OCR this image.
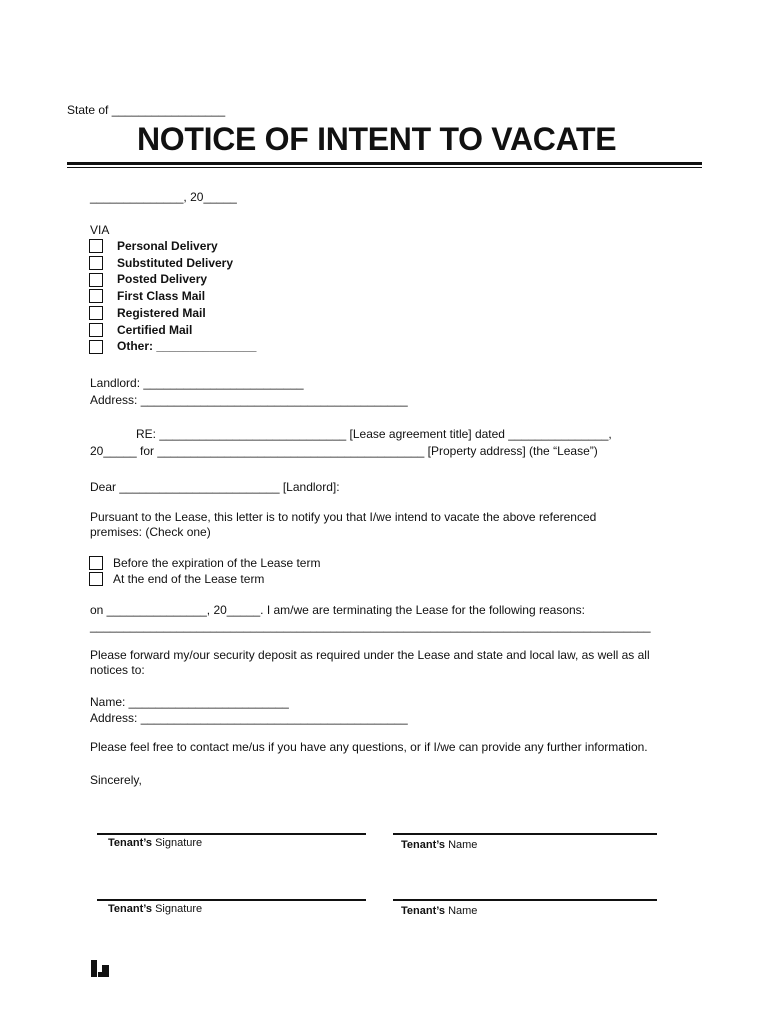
State of _________________
NOTICE OF INTENT TO VACATE
______________, 20_____
VIA
Personal Delivery
Substituted Delivery
Posted Delivery
First Class Mail
Registered Mail
Certified Mail
Other: _______________
Landlord: ________________________
Address: ________________________________________
RE: ____________________________ [Lease agreement title] dated _______________,
20_____ for ________________________________________ [Property address] (the “Lease”)
Dear ________________________ [Landlord]:
Pursuant to the Lease, this letter is to notify you that I/we intend to vacate the above referenced
premises: (Check one)
Before the expiration of the Lease term
At the end of the Lease term
on _______________, 20_____. I am/we are terminating the Lease for the following reasons:
____________________________________________________________________________________
Please forward my/our security deposit as required under the Lease and state and local law, as well as all
notices to:
Name: ________________________
Address: ________________________________________
Please feel free to contact me/us if you have any questions, or if I/we can provide any further information.
Sincerely,
Tenant’s Signature	Tenant’s Name
Tenant’s Signature	Tenant’s Name
